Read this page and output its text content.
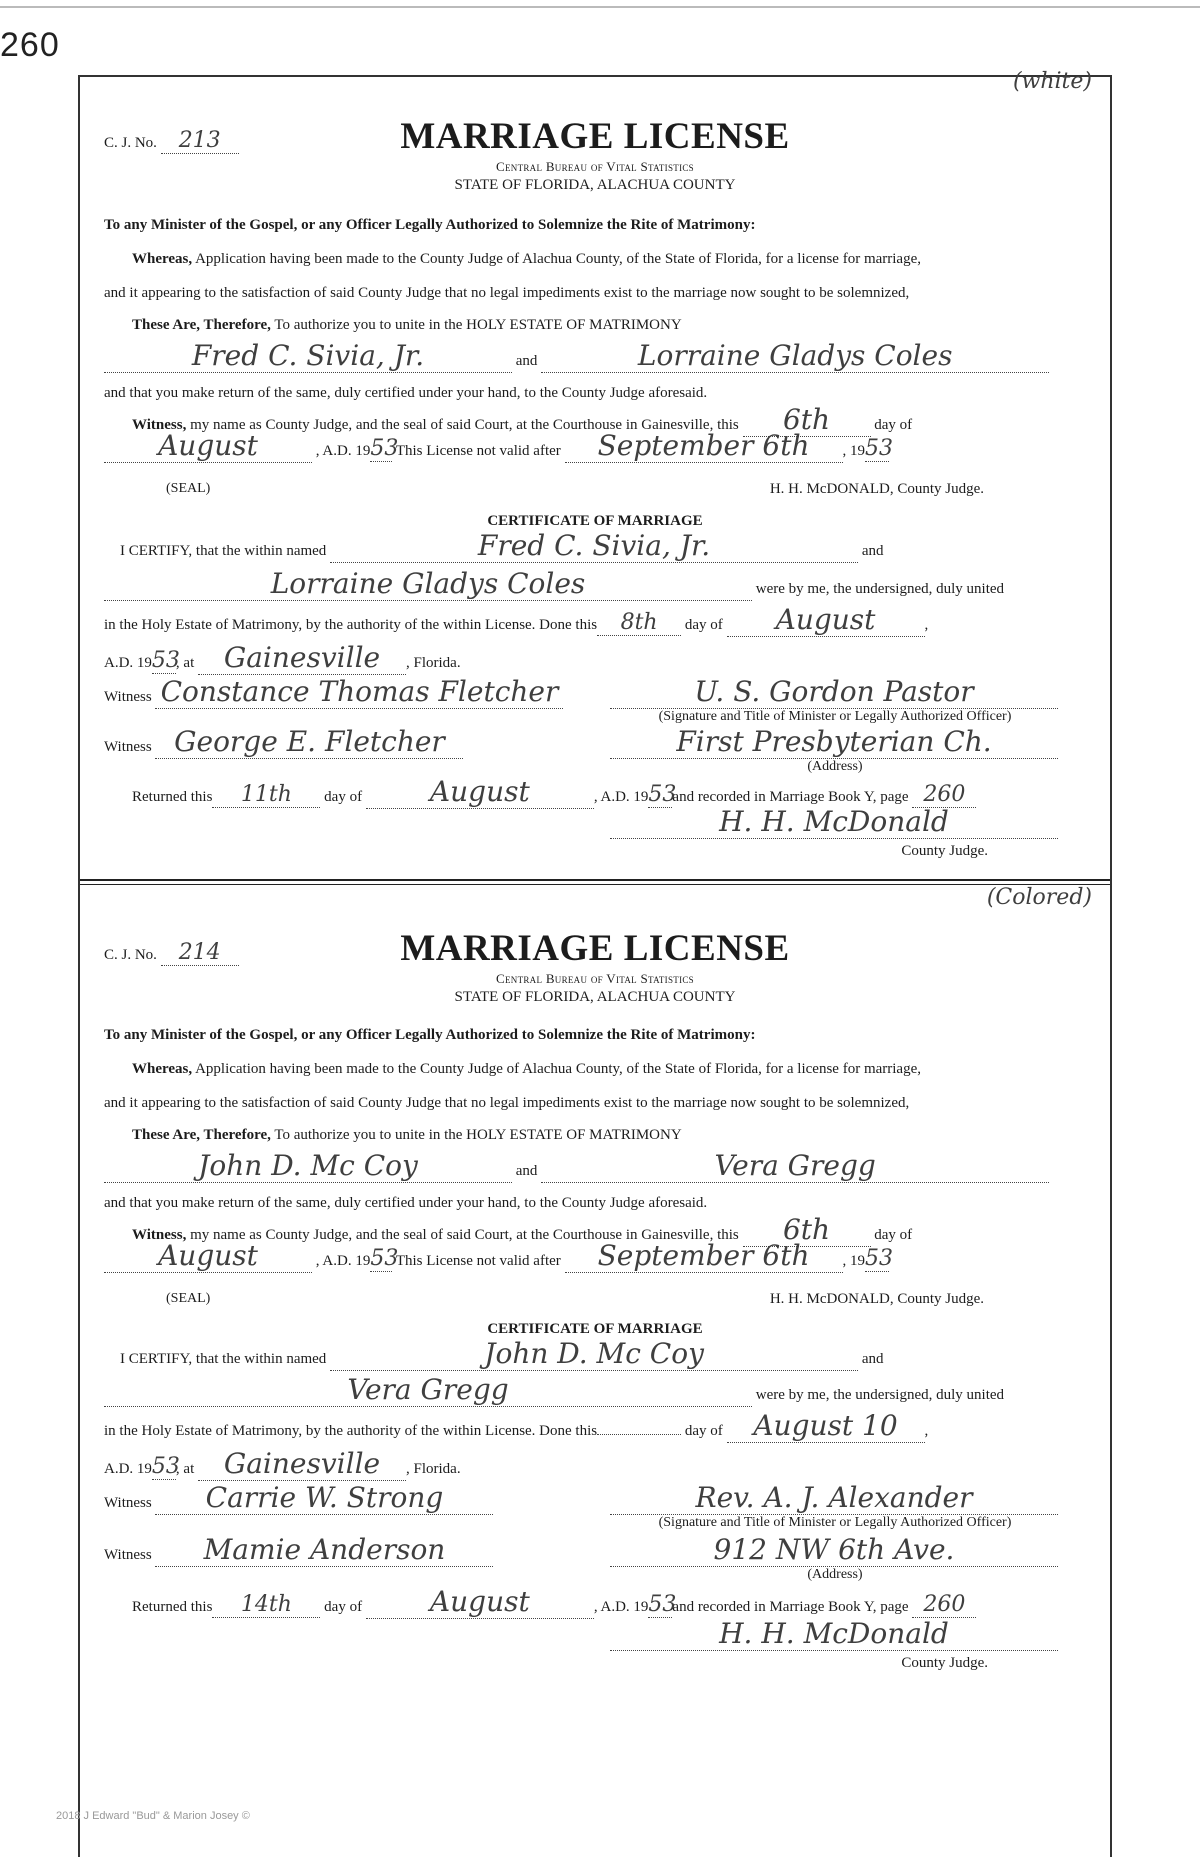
260
(white)
C. J. No. 213	MARRIAGE LICENSE
Central Bureau of Vital Statistics
STATE OF FLORIDA, ALACHUA COUNTY
To any Minister of the Gospel, or any Officer Legally Authorized to Solemnize the Rite of Matrimony:
Whereas, Application having been made to the County Judge of Alachua County, of the State of Florida, for a license for marriage,
and it appearing to the satisfaction of said County Judge that no legal impediments exist to the marriage now sought to be solemnized,
These Are, Therefore, To authorize you to unite in the HOLY ESTATE OF MATRIMONY
Fred C. Sivia, Jr.	and	Lorraine Gladys Coles
and that you make return of the same, duly certified under your hand, to the County Judge aforesaid.
Witness, my name as County Judge, and the seal of said Court, at the Courthouse in Gainesville, this 6th	day of
August	, A.D. 1953 This License not valid after September 6th , 1953
(SEAL)	H. H. McDONALD, County Judge.
CERTIFICATE OF MARRIAGE
I CERTIFY, that the within named	Fred C. Sivia, Jr.	and
Lorraine Gladys Coles	were by me, the undersigned, duly united
in the Holy Estate of Matrimony, by the authority of the within License. Done this 8th day of August	,
A.D. 1953, at Gainesville , Florida.
Witness Constance Thomas Fletcher	U. S. Gordon Pastor
(Signature and Title of Minister or Legally Authorized Officer)
Witness George E. Fletcher	First Presbyterian Ch.
(Address)
Returned this 11th day of August	, A.D. 1953and recorded in Marriage Book Y, page 260
H. H. McDonald
County Judge.
(Colored)
C. J. No. 214	MARRIAGE LICENSE
Central Bureau of Vital Statistics
STATE OF FLORIDA, ALACHUA COUNTY
To any Minister of the Gospel, or any Officer Legally Authorized to Solemnize the Rite of Matrimony:
Whereas, Application having been made to the County Judge of Alachua County, of the State of Florida, for a license for marriage,
and it appearing to the satisfaction of said County Judge that no legal impediments exist to the marriage now sought to be solemnized,
These Are, Therefore, To authorize you to unite in the HOLY ESTATE OF MATRIMONY
John D. Mc Coy	and	Vera Gregg
and that you make return of the same, duly certified under your hand, to the County Judge aforesaid.
Witness, my name as County Judge, and the seal of said Court, at the Courthouse in Gainesville, this 6th	day of
August	, A.D. 1953 This License not valid after September 6th , 1953
(SEAL)	H. H. McDONALD, County Judge.
CERTIFICATE OF MARRIAGE
I CERTIFY, that the within named	John D. Mc Coy	and
Vera Gregg	were by me, the undersigned, duly united
in the Holy Estate of Matrimony, by the authority of the within License. Done this	day of August 10 ,
A.D. 1953, at Gainesville , Florida.
Witness Carrie W. Strong	Rev. A. J. Alexander
(Signature and Title of Minister or Legally Authorized Officer)
Witness Mamie Anderson	912 NW 6th Ave.
(Address)
Returned this 14th day of August	, A.D. 1953and recorded in Marriage Book Y, page 260
H. H. McDonald
County Judge.
2018 J Edward "Bud" & Marion Josey ©
